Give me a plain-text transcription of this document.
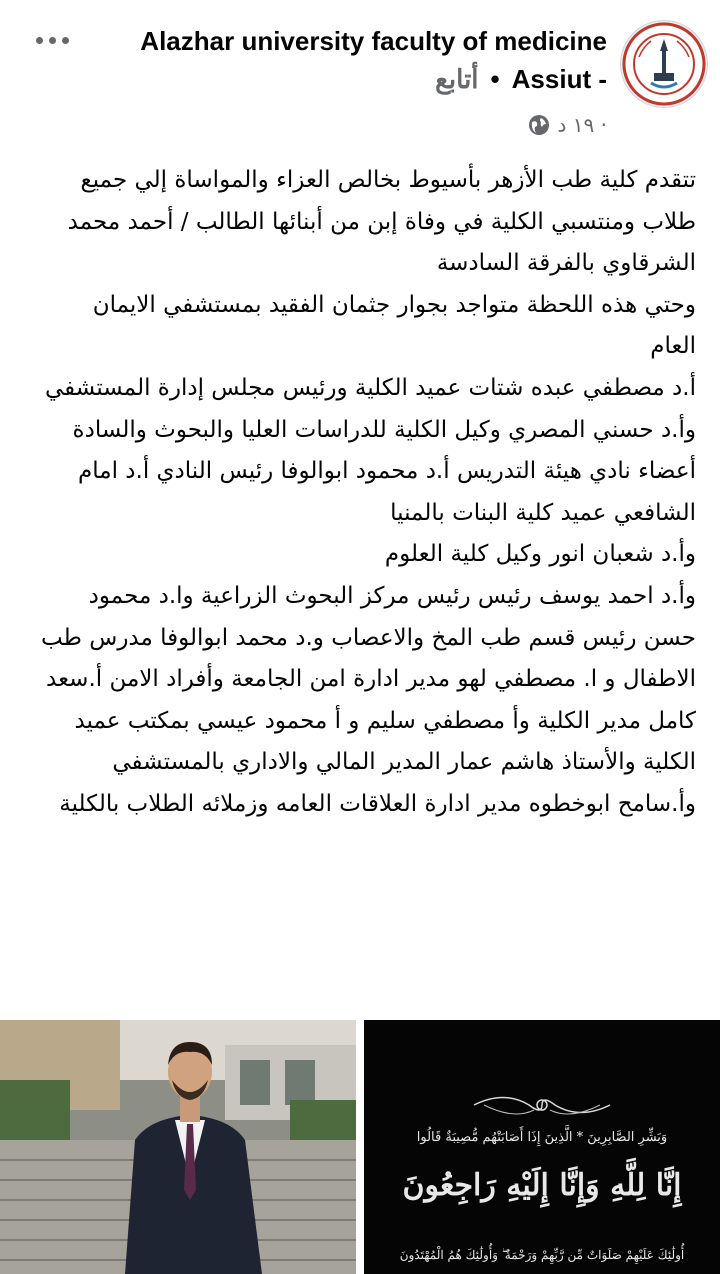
Alazhar university faculty of medicine
أتابع • Assiut -
١٩ د ·

تتقدم كلية طب الأزهر بأسيوط بخالص العزاء والمواساة إلي جميع طلاب ومنتسبي الكلية في وفاة إبن من أبنائها الطالب / أحمد محمد الشرقاوي بالفرقة السادسة

وحتي هذه اللحظة متواجد بجوار جثمان الفقيد بمستشفي الايمان العام

أ.د مصطفي عبده شتات عميد الكلية ورئيس مجلس إدارة المستشفي

وأ.د حسني المصري وكيل الكلية للدراسات العليا والبحوث والسادة أعضاء نادي هيئة التدريس أ.د محمود ابوالوفا رئيس النادي أ.د امام الشافعي عميد كلية البنات بالمنيا

وأ.د شعبان انور وكيل كلية العلوم

وأ.د احمد يوسف رئيس رئيس مركز البحوث الزراعية وا.د محمود حسن رئيس قسم طب المخ والاعصاب و.د محمد ابوالوفا مدرس طب الاطفال و ا. مصطفي لهو مدير ادارة امن الجامعة وأفراد الامن أ.سعد كامل مدير الكلية وأ مصطفي سليم و أ محمود عيسي بمكتب عميد الكلية والأستاذ هاشم عمار المدير المالي والاداري بالمستشفي

وأ.سامح ابوخطوه مدير ادارة العلاقات العامه وزملائه الطلاب بالكلية

وَبَشِّرِ الصَّابِرِينَ * الَّذِينَ إِذَا أَصَابَتْهُم مُّصِيبَةٌ قَالُوا
إِنَّا لِلَّهِ وَإِنَّا إِلَيْهِ رَاجِعُونَ
أُولَٰئِكَ عَلَيْهِمْ صَلَوَاتٌ مِّن رَّبِّهِمْ وَرَحْمَةٌ ۖ وَأُولَٰئِكَ هُمُ الْمُهْتَدُونَ
